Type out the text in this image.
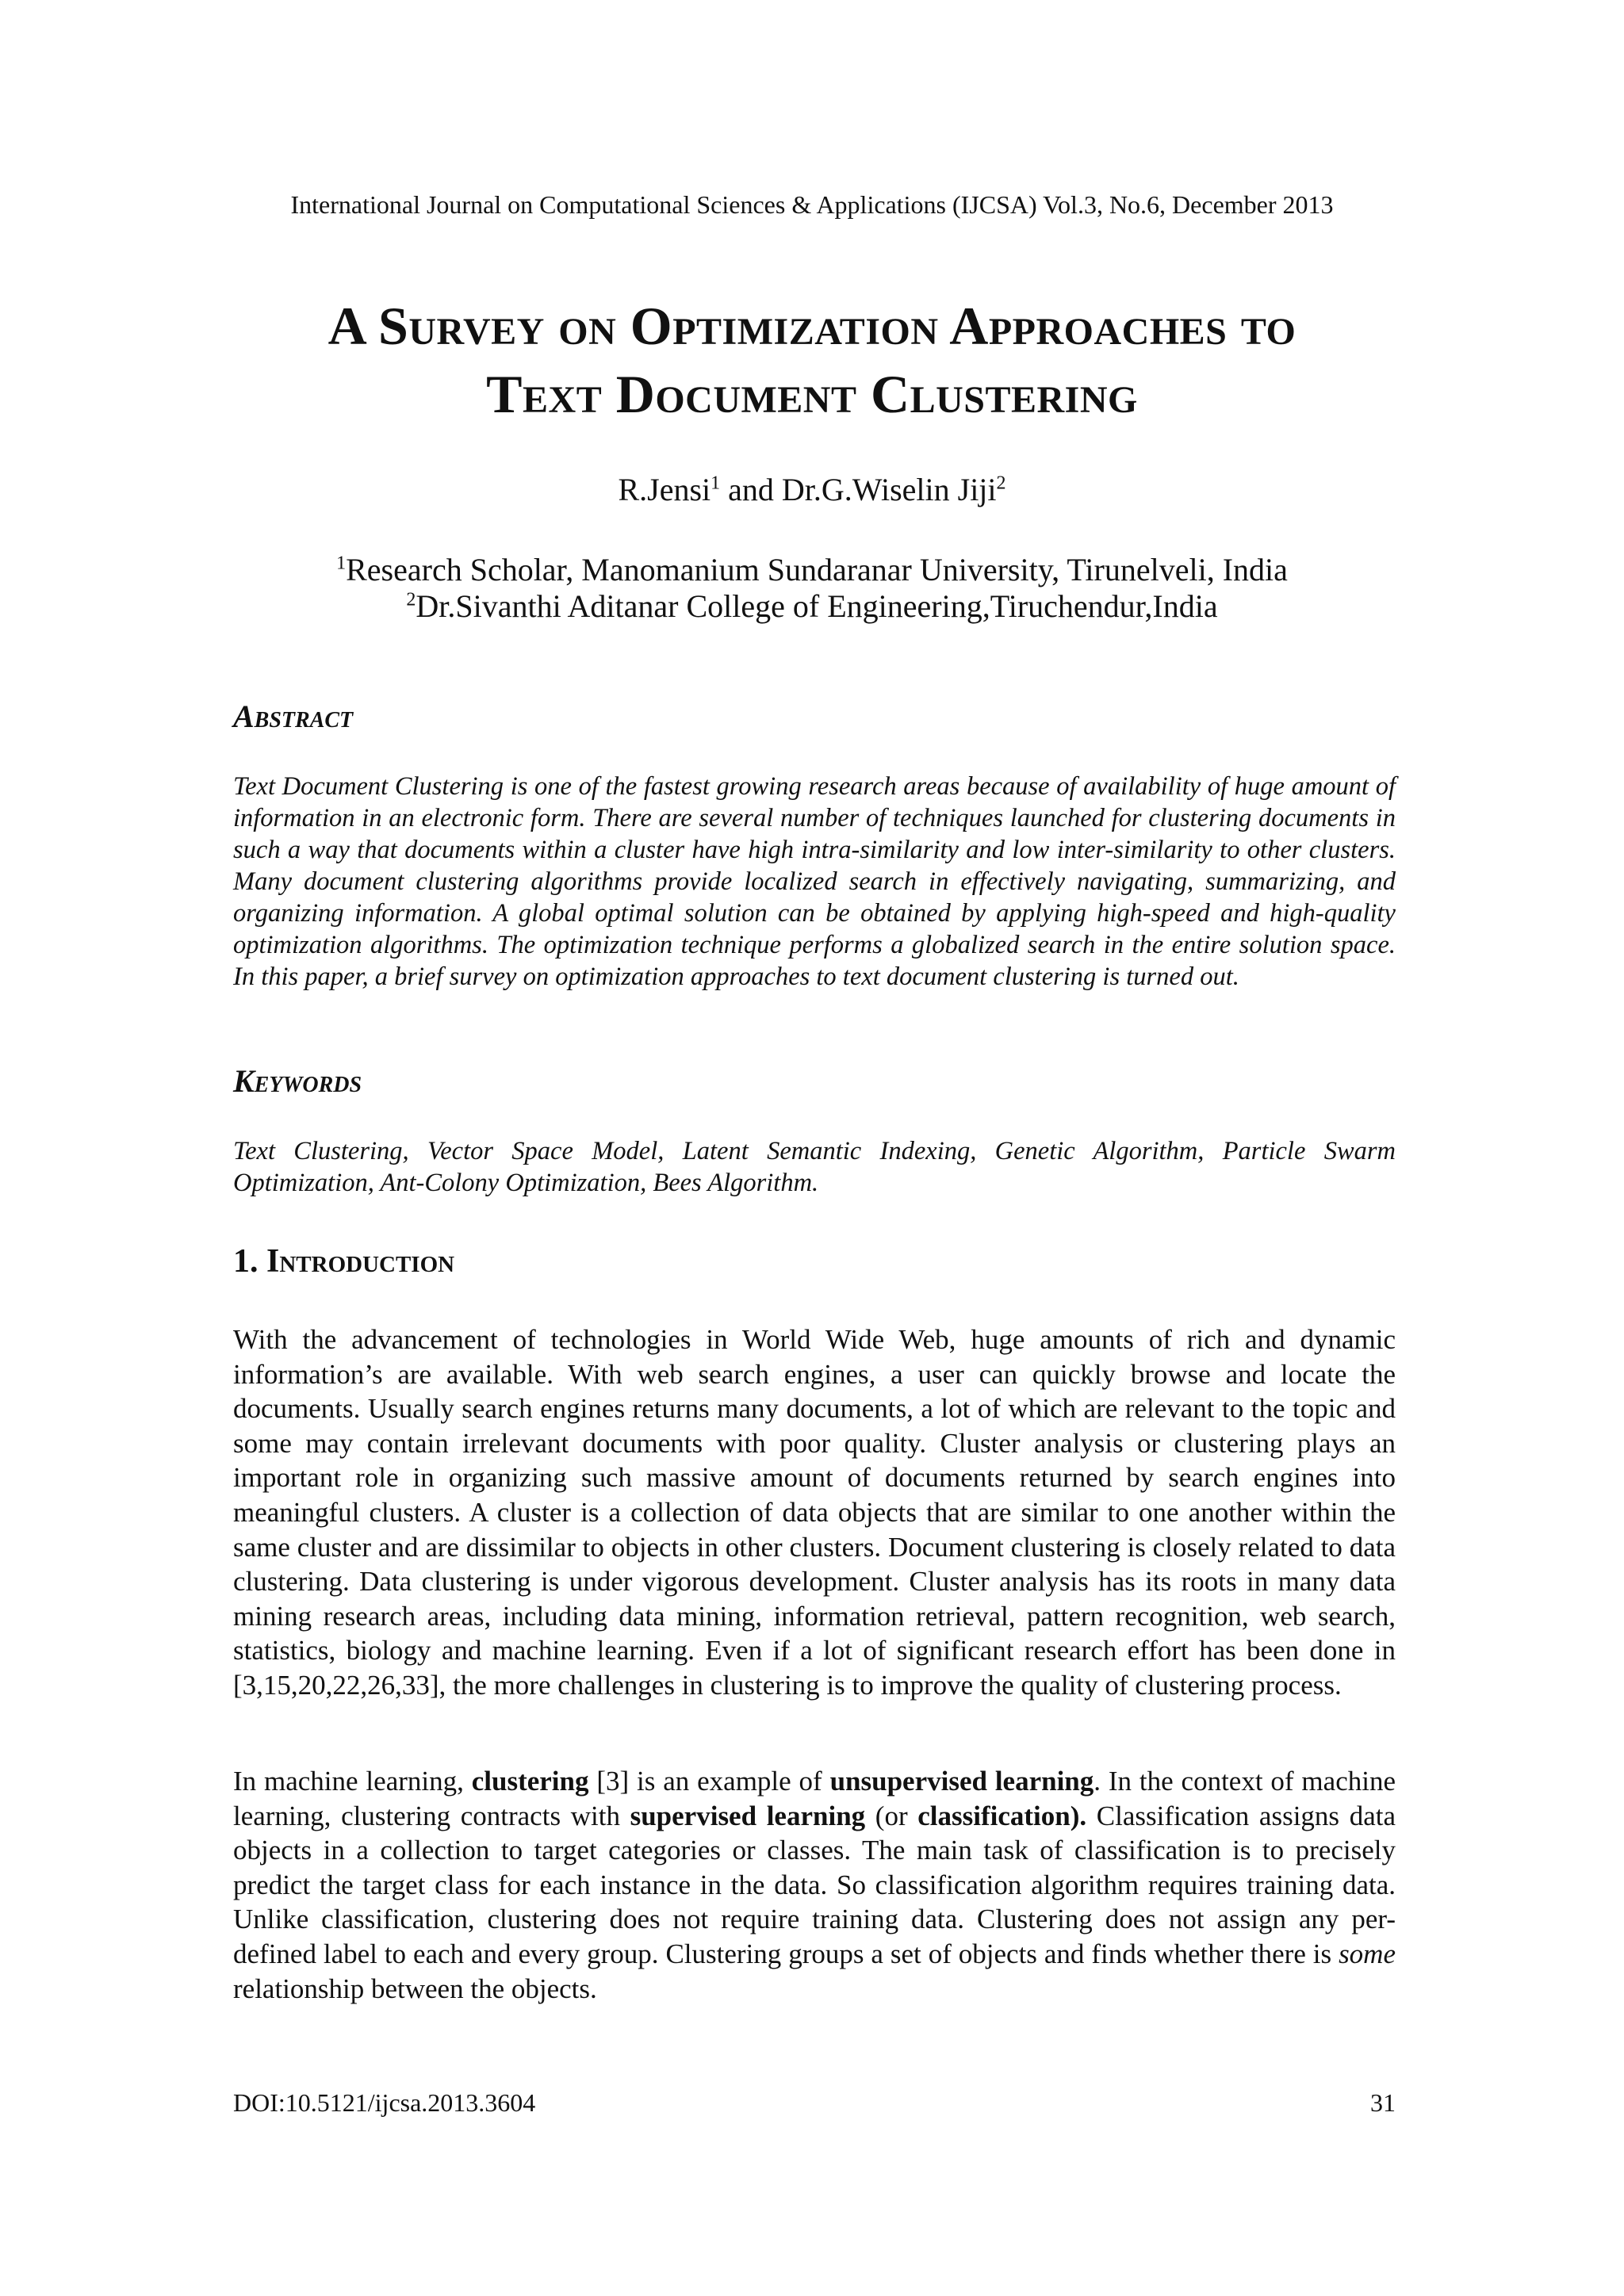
International Journal on Computational Sciences & Applications (IJCSA) Vol.3, No.6, December 2013
A Survey on Optimization Approaches to
Text Document Clustering
R.Jensi$^1$ and Dr.G.Wiselin Jiji$^2$
$^1$Research Scholar, Manomanium Sundaranar University, Tirunelveli, India
$^2$Dr.Sivanthi Aditanar College of Engineering,Tiruchendur,India
Abstract
Text Document Clustering is one of the fastest growing research areas because of availability of huge amount of information in an electronic form. There are several number of techniques launched for clustering documents in such a way that documents within a cluster have high intra-similarity and low inter-similarity to other clusters. Many document clustering algorithms provide localized search in effectively navigating, summarizing, and organizing information. A global optimal solution can be obtained by applying high-speed and high-quality optimization algorithms. The optimization technique performs a globalized search in the entire solution space. In this paper, a brief survey on optimization approaches to text document clustering is turned out.
Keywords
Text Clustering, Vector Space Model, Latent Semantic Indexing, Genetic Algorithm, Particle Swarm Optimization, Ant-Colony Optimization, Bees Algorithm.
1. Introduction
With the advancement of technologies in World Wide Web, huge amounts of rich and dynamic information’s are available. With web search engines, a user can quickly browse and locate the documents. Usually search engines returns many documents, a lot of which are relevant to the topic and some may contain irrelevant documents with poor quality. Cluster analysis or clustering plays an important role in organizing such massive amount of documents returned by search engines into meaningful clusters. A cluster is a collection of data objects that are similar to one another within the same cluster and are dissimilar to objects in other clusters. Document clustering is closely related to data clustering. Data clustering is under vigorous development. Cluster analysis has its roots in many data mining research areas, including data mining, information retrieval, pattern recognition, web search, statistics, biology and machine learning. Even if a lot of significant research effort has been done in [3,15,20,22,26,33], the more challenges in clustering is to improve the quality of clustering process.
In machine learning, clustering [3] is an example of unsupervised learning. In the context of machine learning, clustering contracts with supervised learning (or classification). Classification assigns data objects in a collection to target categories or classes. The main task of classification is to precisely predict the target class for each instance in the data. So classification algorithm requires training data. Unlike classification, clustering does not require training data. Clustering does not assign any per-defined label to each and every group. Clustering groups a set of objects and finds whether there is some relationship between the objects.
DOI:10.5121/ijcsa.2013.3604	31
